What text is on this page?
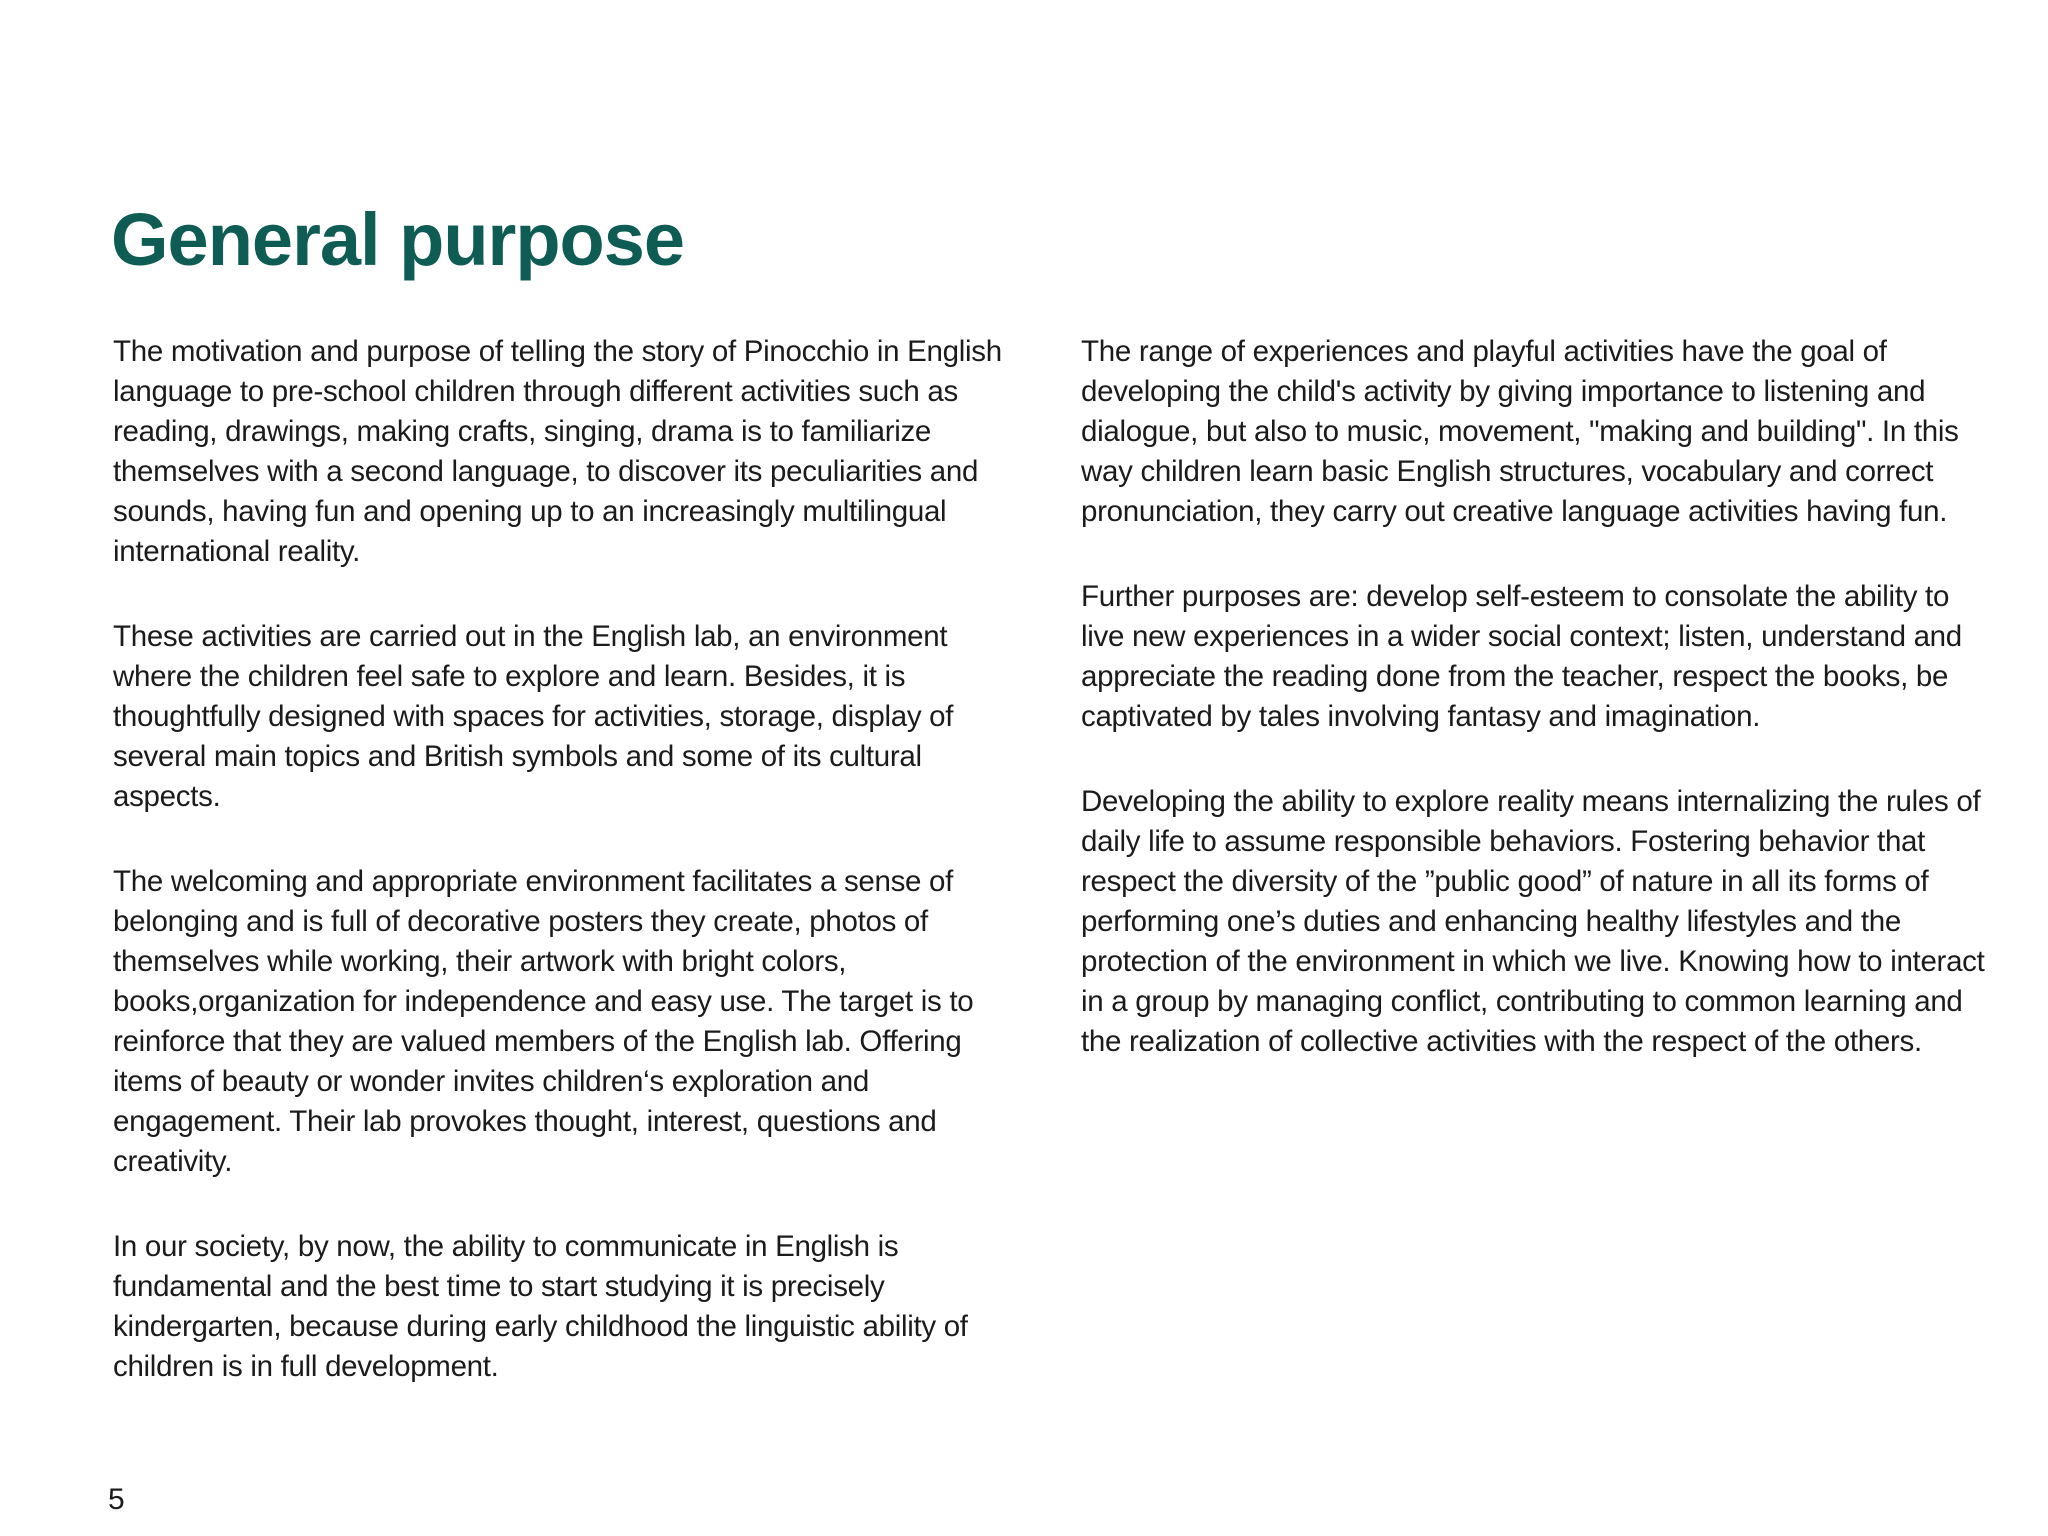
General purpose

The motivation and purpose of telling the story of Pinocchio in English language to pre-school children through different activities such as reading, drawings, making crafts, singing, drama is to familiarize themselves with a second language, to discover its peculiarities and sounds, having fun and opening up to an increasingly multilingual international reality.

These activities are carried out in the English lab, an environment where the children feel safe to explore and learn. Besides, it is thoughtfully designed with spaces for activities, storage, display of several main topics and British symbols and some of its cultural aspects.

The welcoming and appropriate environment facilitates a sense of belonging and is full of decorative posters they create, photos of themselves while working, their artwork with bright colors, books,organization for independence and easy use. The target is to reinforce that they are valued members of the English lab. Offering items of beauty or wonder invites children‘s exploration and engagement. Their lab provokes thought, interest, questions and creativity.

In our society, by now, the ability to communicate in English is fundamental and the best time to start studying it is precisely kindergarten, because during early childhood the linguistic ability of children is in full development.

The range of experiences and playful activities have the goal of developing the child's activity by giving importance to listening and dialogue, but also to music, movement, "making and building". In this way children learn basic English structures, vocabulary and correct pronunciation, they carry out creative language activities having fun.

Further purposes are: develop self-esteem to consolate the ability to live new experiences in a wider social context; listen, understand and appreciate the reading done from the teacher, respect the books, be captivated by tales involving fantasy and imagination.

Developing the ability to explore reality means internalizing the rules of daily life to assume responsible behaviors. Fostering behavior that respect the diversity of the ”public good” of nature in all its forms of performing one’s duties and enhancing healthy lifestyles and the protection of the environment in which we live. Knowing how to interact in a group by managing conflict, contributing to common learning and the realization of collective activities with the respect of the others.

5
